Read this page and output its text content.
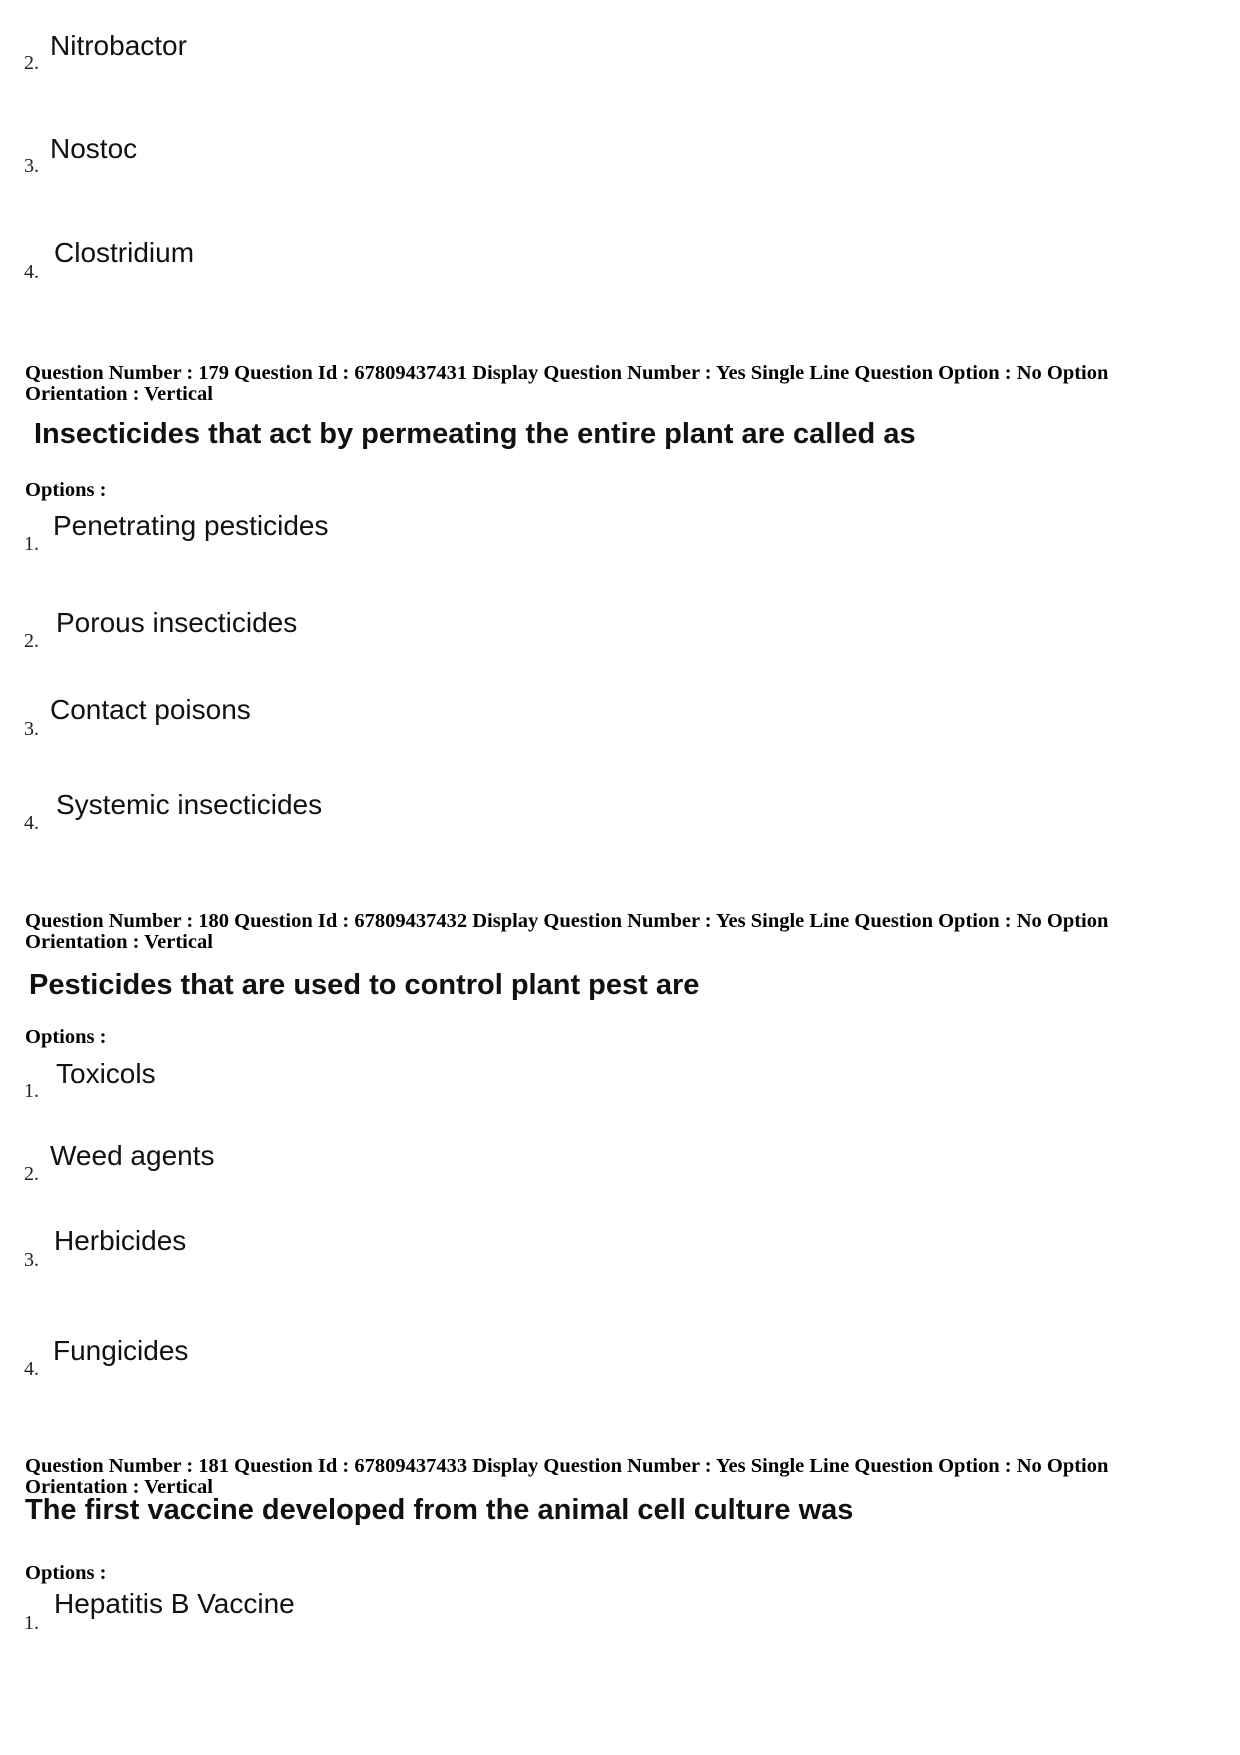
2.
Nitrobactor
3.
Nostoc
4.
Clostridium
Question Number : 179 Question Id : 67809437431 Display Question Number : Yes Single Line Question Option : No Option
Orientation : Vertical
Insecticides that act by permeating the entire plant are called as
Options :
1.
Penetrating pesticides
2.
Porous insecticides
3.
Contact poisons
4.
Systemic insecticides
Question Number : 180 Question Id : 67809437432 Display Question Number : Yes Single Line Question Option : No Option
Orientation : Vertical
Pesticides that are used to control plant pest are
Options :
1.
Toxicols
2.
Weed agents
3.
Herbicides
4.
Fungicides
Question Number : 181 Question Id : 67809437433 Display Question Number : Yes Single Line Question Option : No Option
Orientation : Vertical
The first vaccine developed from the animal cell culture was
Options :
1.
Hepatitis B Vaccine
